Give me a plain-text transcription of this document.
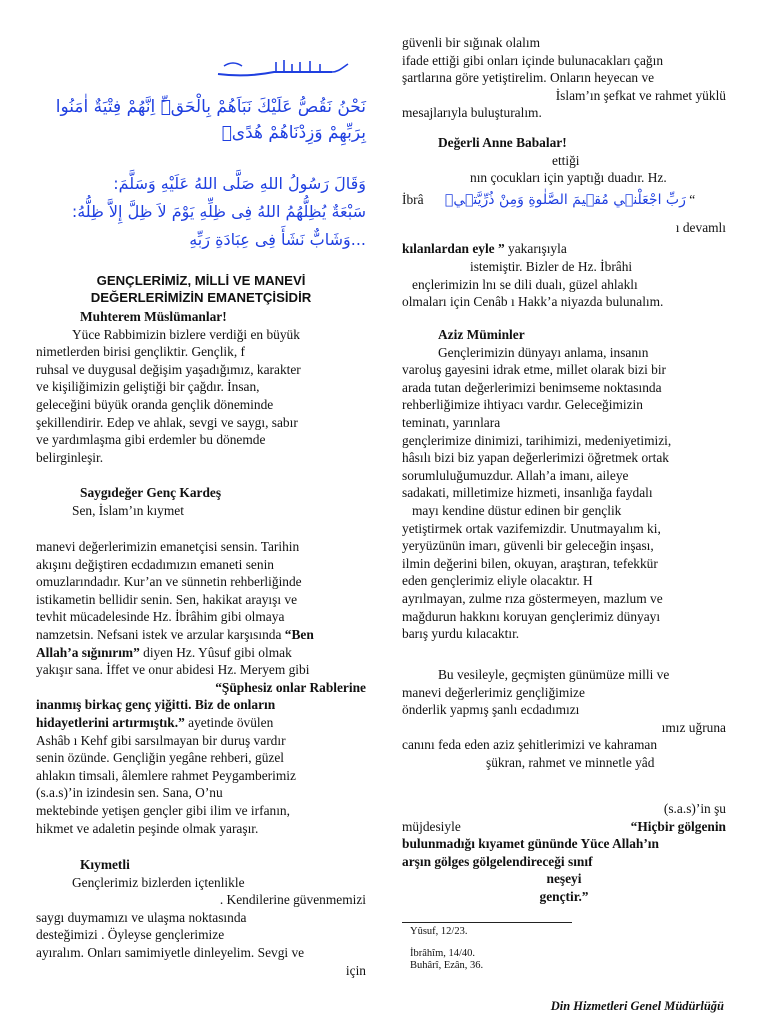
نَحْنُ نَقُصُّ عَلَيْكَ نَبَاَهُمْ بِالْحَقِّۜ اِنَّهُمْ فِتْيَةٌ اٰمَنُوا بِرَبِّهِمْ وَزِدْنَاهُمْ هُدًىۗ
وَقَالَ رَسُولُ اللهِ صَلَّى اللهُ عَلَيْهِ وَسَلَّمَ:
سَبْعَةٌ يُظِلُّهُمُ اللهُ فِى ظِلِّهِ يَوْمَ لاَ ظِلَّ إِلاَّ ظِلُّهُ: ...وَشَابٌّ نَشَأَ فِى عِبَادَةِ رَبِّهِ
GENÇLERİMİZ, MİLLİ VE MANEVİ
DEĞERLERİMİZİN EMANETÇİSİDİR

Muhterem Müslümanlar!

Yüce Rabbimizin bizlere verdiği en büyük

nimetlerden birisi gençliktir. Gençlik, f

ruhsal ve duygusal değişim yaşadığımız, karakter

ve kişiliğimizin geliştiği bir çağdır. İnsan,

geleceğini büyük oranda gençlik döneminde

şekillendirir. Edep ve ahlak, sevgi ve saygı, sabır

ve yardımlaşma gibi erdemler bu dönemde

belirginleşir.

Saygıdeğer Genç Kardeş

Sen, İslam’ın kıymet

manevi değerlerimizin emanetçisi sensin. Tarihin

akışını değiştiren ecdadımızın emaneti senin

omuzlarındadır. Kur’an ve sünnetin rehberliğinde

istikametin bellidir senin. Sen, hakikat arayışı ve

tevhit mücadelesinde Hz. İbrâhim gibi olmaya

namzetsin. Nefsani istek ve arzular karşısında “Ben

Allah’a sığınırım” diyen Hz. Yûsuf gibi olmak

yakışır sana. İffet ve onur abidesi Hz. Meryem gibi

“Şüphesiz onlar Rablerine

inanmış birkaç genç yiğitti. Biz de onların

hidayetlerini artırmıştık.” ayetinde övülen

Ashâb ı Kehf gibi sarsılmayan bir duruş vardır

senin özünde. Gençliğin yegâne rehberi, güzel

ahlakın timsali, âlemlere rahmet Peygamberimiz

(s.a.s)’in izindesin sen. Sana, O’nu

mektebinde yetişen gençler gibi ilim ve irfanın,

hikmet ve adaletin peşinde olmak yaraşır.

Kıymetli

Gençlerimiz bizlerden içtenlikle

. Kendilerine güvenmemizi

saygı duymamızı ve ulaşma noktasında

desteğimizi . Öyleyse gençlerimize

ayıralım. Onları samimiyetle dinleyelim. Sevgi ve

için

güvenli bir sığınak olalım

ifade ettiği gibi onları içinde bulunacakları çağın

şartlarına göre yetiştirelim. Onların heyecan ve

İslam’ın şefkat ve rahmet yüklü

mesajlarıyla buluşturalım.

Değerli Anne Babalar!

ettiği

nın çocukları için yaptığı duadır. Hz.

İbrâ رَبِّ اجْعَلْن۪ي مُق۪يمَ الصَّلٰوةِ وَمِنْ ذُرِّيَّت۪يۗ “

ı devamlı

kılanlardan eyle ” yakarışıyla

istemiştir. Bizler de Hz. İbrâhi

ençlerimizin lnı se dili dualı, güzel ahlaklı

olmaları için Cenâb ı Hakk’a niyazda bulunalım.

Aziz Müminler

Gençlerimizin dünyayı anlama, insanın

varoluş gayesini idrak etme, millet olarak bizi bir

arada tutan değerlerimizi benimseme noktasında

rehberliğimize ihtiyacı vardır. Geleceğimizin

teminatı, yarınlara

gençlerimize dinimizi, tarihimizi, medeniyetimizi,

hâsılı bizi biz yapan değerlerimizi öğretmek ortak

sorumluluğumuzdur. Allah’a imanı, aileye

sadakati, milletimize hizmeti, insanlığa faydalı

mayı kendine düstur edinen bir gençlik

yetiştirmek ortak vazifemizdir. Unutmayalım ki,

yeryüzünün imarı, güvenli bir geleceğin inşası,

ilmin değerini bilen, okuyan, araştıran, tefekkür

eden gençlerimiz eliyle olacaktır. H

ayrılmayan, zulme rıza göstermeyen, mazlum ve

mağdurun hakkını koruyan gençlerimiz dünyayı

barış yurdu kılacaktır.

Bu vesileyle, geçmişten günümüze milli ve

manevi değerlerimiz gençliğimize

önderlik yapmış şanlı ecdadımızı

ımız uğruna

canını feda eden aziz şehitlerimizi ve kahraman

şükran, rahmet ve minnetle yâd

(s.a.s)’in şu

müjdesiyle	“Hiçbir gölgenin

bulunmadığı kıyamet gününde Yüce Allah’ın

arşın gölges gölgelendireceği sınıf

neşeyi

gençtir.”

Yûsuf, 12/23.
İbrâhîm, 14/40.
Buhârî, Ezân, 36.
Din Hizmetleri Genel Müdürlüğü
